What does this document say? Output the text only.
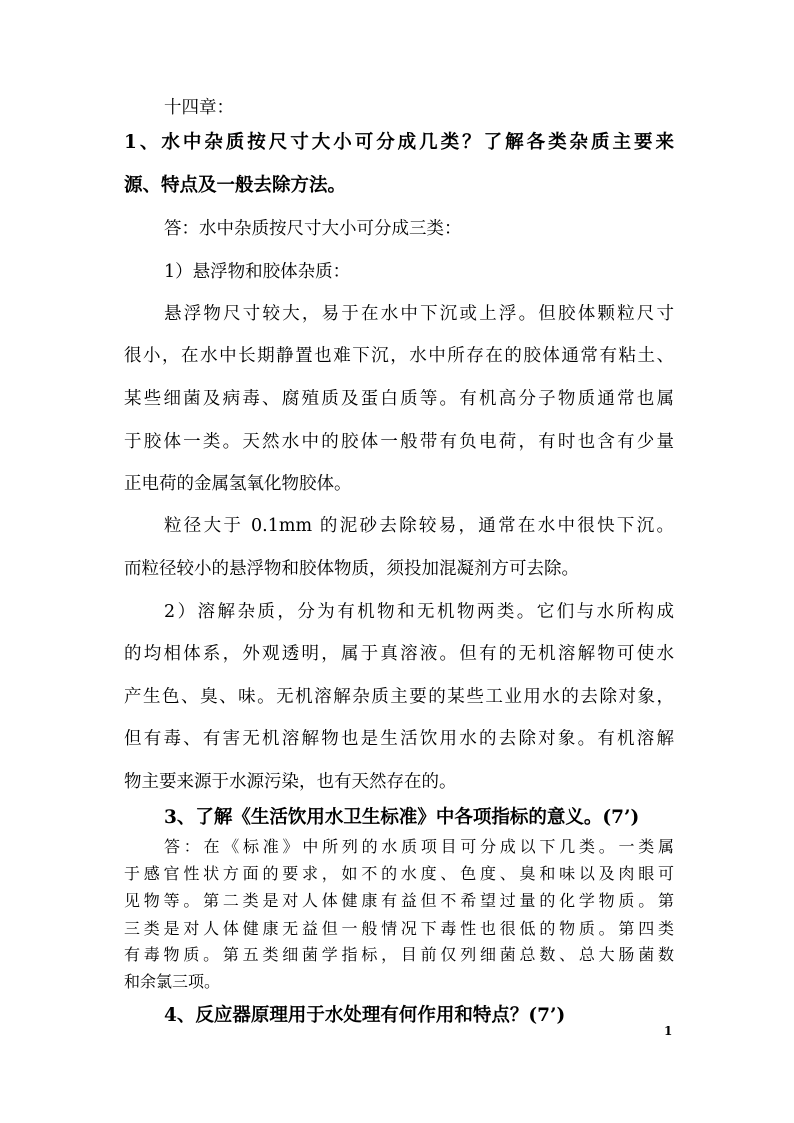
十四章：
1、水中杂质按尺寸大小可分成几类？了解各类杂质主要来
源、特点及一般去除方法。
答：水中杂质按尺寸大小可分成三类：
1）悬浮物和胶体杂质：
悬浮物尺寸较大，易于在水中下沉或上浮。但胶体颗粒尺寸
很小，在水中长期静置也难下沉，水中所存在的胶体通常有粘土、
某些细菌及病毒、腐殖质及蛋白质等。有机高分子物质通常也属
于胶体一类。天然水中的胶体一般带有负电荷，有时也含有少量
正电荷的金属氢氧化物胶体。
粒径大于 0.1mm 的泥砂去除较易，通常在水中很快下沉。
而粒径较小的悬浮物和胶体物质，须投加混凝剂方可去除。
2）溶解杂质，分为有机物和无机物两类。它们与水所构成
的均相体系，外观透明，属于真溶液。但有的无机溶解物可使水
产生色、臭、味。无机溶解杂质主要的某些工业用水的去除对象，
但有毒、有害无机溶解物也是生活饮用水的去除对象。有机溶解
物主要来源于水源污染，也有天然存在的。
3、了解《生活饮用水卫生标准》中各项指标的意义。(7’)
答：在《标准》中所列的水质项目可分成以下几类。一类属
于感官性状方面的要求，如不的水度、色度、臭和味以及肉眼可
见物等。第二类是对人体健康有益但不希望过量的化学物质。第
三类是对人体健康无益但一般情况下毒性也很低的物质。第四类
有毒物质。第五类细菌学指标，目前仅列细菌总数、总大肠菌数
和余氯三项。
4、反应器原理用于水处理有何作用和特点？(7’)
1
